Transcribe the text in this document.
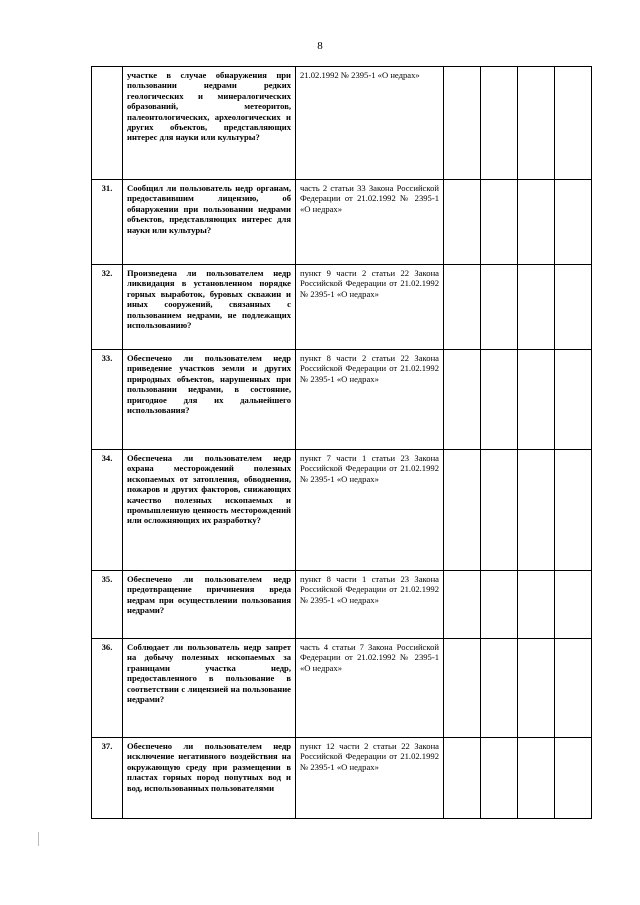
8
	участке в случае обнаружения при пользовании недрами редких геологических и минералогических образований, метеоритов, палеонтологических, археологических и других объектов, представляющих интерес для науки или культуры?	21.02.1992 № 2395-1 «О недрах»				
31.	Сообщил ли пользователь недр органам, предоставившим лицензию, об обнаружении при пользовании недрами объектов, представляющих интерес для науки или культуры?	часть 2 статьи 33 Закона Российской Федерации от 21.02.1992 № 2395-1 «О недрах»				
32.	Произведена ли пользователем недр ликвидация в установленном порядке горных выработок, буровых скважин и иных сооружений, связанных с пользованием недрами, не подлежащих использованию?	пункт 9 части 2 статьи 22 Закона Российской Федерации от 21.02.1992 № 2395-1 «О недрах»				
33.	Обеспечено ли пользователем недр приведение участков земли и других природных объектов, нарушенных при пользовании недрами, в состояние, пригодное для их дальнейшего использования?	пункт 8 части 2 статьи 22 Закона Российской Федерации от 21.02.1992 № 2395-1 «О недрах»				
34.	Обеспечена ли пользователем недр охрана месторождений полезных ископаемых от затопления, обводнения, пожаров и других факторов, снижающих качество полезных ископаемых и промышленную ценность месторождений или осложняющих их разработку?	пункт 7 части 1 статьи 23 Закона Российской Федерации от 21.02.1992 № 2395-1 «О недрах»				
35.	Обеспечено ли пользователем недр предотвращение причинения вреда недрам при осуществлении пользования недрами?	пункт 8 части 1 статьи 23 Закона Российской Федерации от 21.02.1992 № 2395-1 «О недрах»				
36.	Соблюдает ли пользователь недр запрет на добычу полезных ископаемых за границами участка недр, предоставленного в пользование в соответствии с лицензией на пользование недрами?	часть 4 статьи 7 Закона Российской Федерации от 21.02.1992 № 2395-1 «О недрах»				
37.	Обеспечено ли пользователем недр исключение негативного воздействия на окружающую среду при размещении в пластах горных пород попутных вод и вод, использованных пользователями	пункт 12 части 2 статьи 22 Закона Российской Федерации от 21.02.1992 № 2395-1 «О недрах»				
